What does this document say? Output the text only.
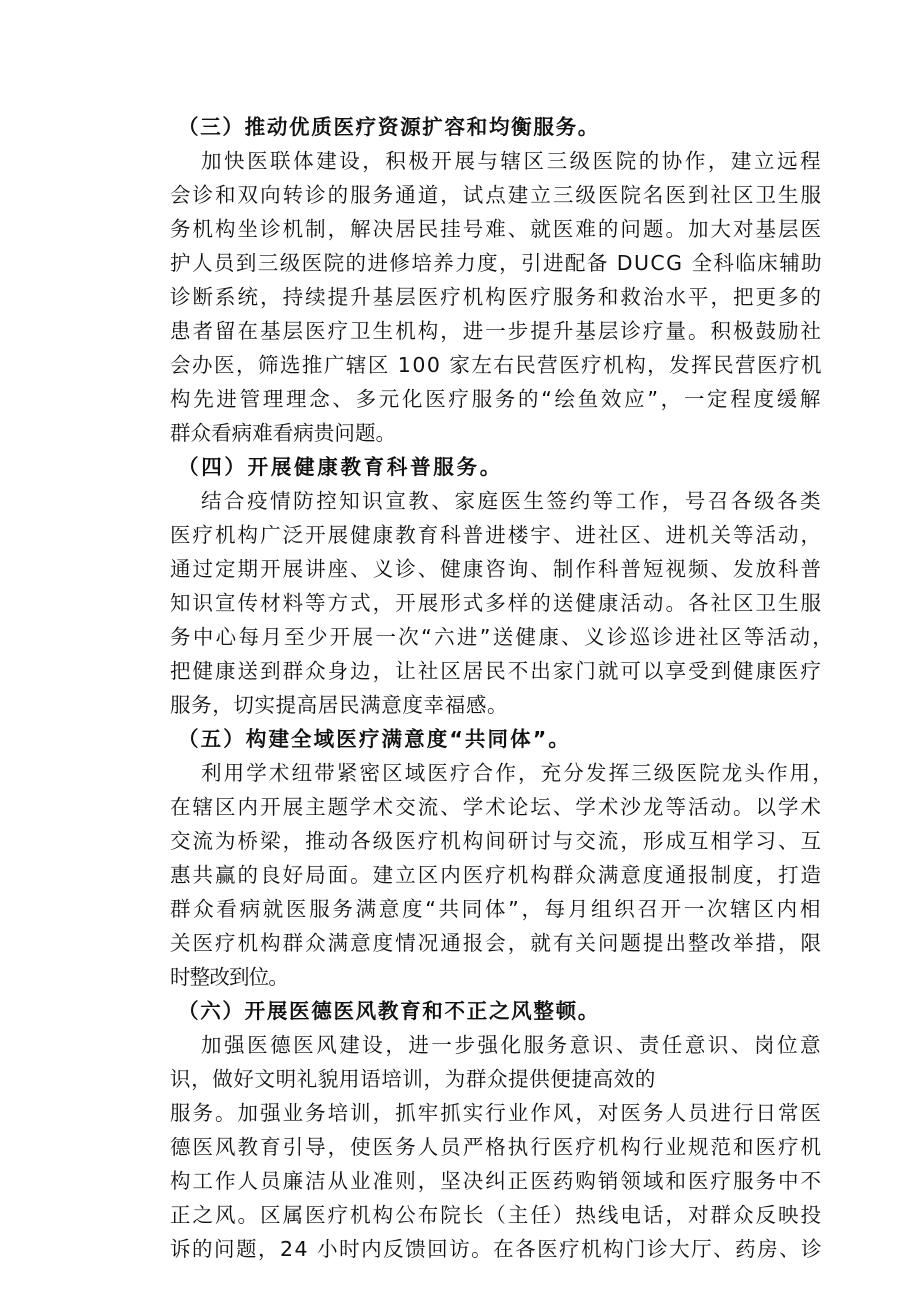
（三）推动优质医疗资源扩容和均衡服务。
加快医联体建设，积极开展与辖区三级医院的协作，建立远程
会诊和双向转诊的服务通道，试点建立三级医院名医到社区卫生服
务机构坐诊机制，解决居民挂号难、就医难的问题。加大对基层医
护人员到三级医院的进修培养力度，引进配备 DUCG 全科临床辅助
诊断系统，持续提升基层医疗机构医疗服务和救治水平，把更多的
患者留在基层医疗卫生机构，进一步提升基层诊疗量。积极鼓励社
会办医，筛选推广辖区 100 家左右民营医疗机构，发挥民营医疗机
构先进管理理念、多元化医疗服务的“绘鱼效应”，一定程度缓解
群众看病难看病贵问题。
（四）开展健康教育科普服务。
结合疫情防控知识宣教、家庭医生签约等工作，号召各级各类
医疗机构广泛开展健康教育科普进楼宇、进社区、进机关等活动，
通过定期开展讲座、义诊、健康咨询、制作科普短视频、发放科普
知识宣传材料等方式，开展形式多样的送健康活动。各社区卫生服
务中心每月至少开展一次“六进”送健康、义诊巡诊进社区等活动，
把健康送到群众身边，让社区居民不出家门就可以享受到健康医疗
服务，切实提高居民满意度幸福感。
（五）构建全域医疗满意度“共同体”。
利用学术纽带紧密区域医疗合作，充分发挥三级医院龙头作用，
在辖区内开展主题学术交流、学术论坛、学术沙龙等活动。以学术
交流为桥梁，推动各级医疗机构间研讨与交流，形成互相学习、互
惠共赢的良好局面。建立区内医疗机构群众满意度通报制度，打造
群众看病就医服务满意度“共同体”，每月组织召开一次辖区内相
关医疗机构群众满意度情况通报会，就有关问题提出整改举措，限
时整改到位。
（六）开展医德医风教育和不正之风整顿。
加强医德医风建设，进一步强化服务意识、责任意识、岗位意
识，做好文明礼貌用语培训，为群众提供便捷高效的
服务。加强业务培训，抓牢抓实行业作风，对医务人员进行日常医
德医风教育引导，使医务人员严格执行医疗机构行业规范和医疗机
构工作人员廉洁从业准则，坚决纠正医药购销领域和医疗服务中不
正之风。区属医疗机构公布院长（主任）热线电话，对群众反映投
诉的问题，24 小时内反馈回访。在各医疗机构门诊大厅、药房、诊
